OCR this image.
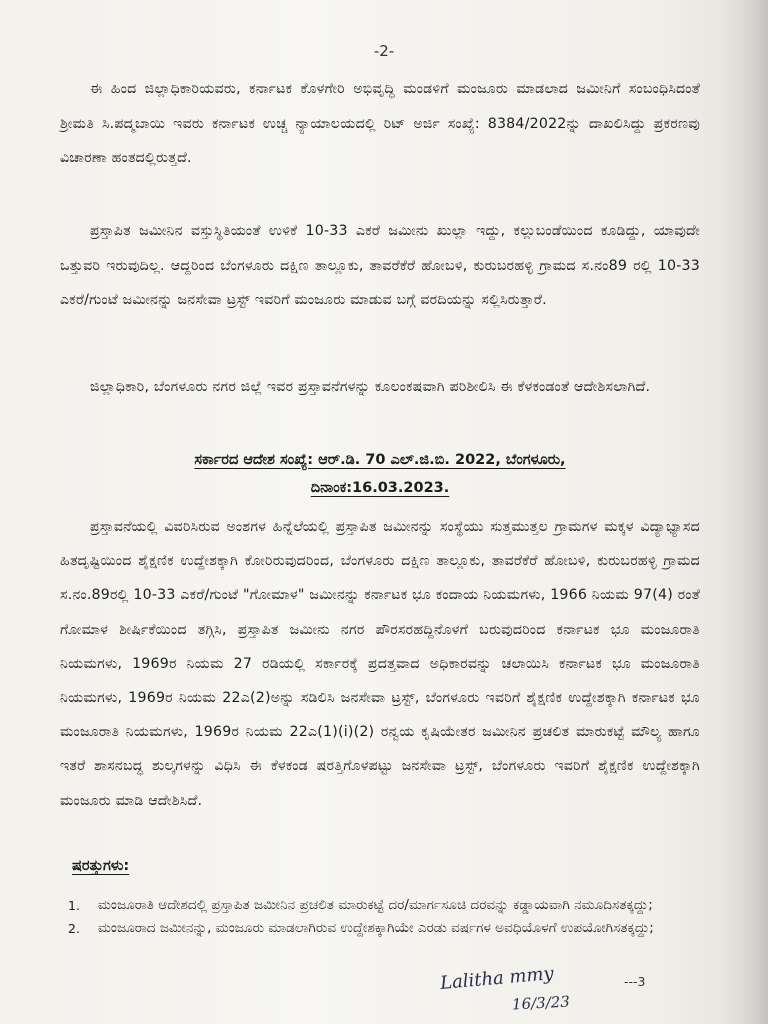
-2-

ಈ ಹಿಂದ ಜಿಲ್ಲಾಧಿಕಾರಿಯವರು, ಕರ್ನಾಟಕ ಕೊಳಗೇರಿ ಅಭಿವೃದ್ಧಿ ಮಂಡಳಿಗೆ ಮಂಜೂರು ಮಾಡಲಾದ ಜಮೀನಿಗೆ ಸಂಬಂಧಿಸಿದಂತೆ ಶ್ರೀಮತಿ ಸಿ.ಪದ್ಮಬಾಯಿ ಇವರು ಕರ್ನಾಟಕ ಉಚ್ಚ ನ್ಯಾಯಾಲಯದಲ್ಲಿ ರಿಟ್ ಅರ್ಜಿ ಸಂಖ್ಯೆ: 8384/2022ನ್ನು ದಾಖಲಿಸಿದ್ದು ಪ್ರಕರಣವು ವಿಚಾರಣಾ ಹಂತದಲ್ಲಿರುತ್ತದೆ.

ಪ್ರಸ್ತಾಪಿತ ಜಮೀನಿನ ವಸ್ತುಸ್ಥಿತಿಯಂತೆ ಉಳಿಕೆ 10-33 ಎಕರೆ ಜಮೀನು ಖುಲ್ಲಾ ಇದ್ದು, ಕಲ್ಲುಬಂಡೆಯಿಂದ ಕೂಡಿದ್ದು, ಯಾವುದೇ ಒತ್ತುವರಿ ಇರುವುದಿಲ್ಲ. ಆದ್ದರಿಂದ ಬೆಂಗಳೂರು ದಕ್ಷಿಣ ತಾಲ್ಲೂಕು, ತಾವರೆಕೆರೆ ಹೋಬಳಿ, ಕುರುಬರಹಳ್ಳಿ ಗ್ರಾಮದ ಸ.ನಂ89 ರಲ್ಲಿ 10-33 ಎಕರೆ/ಗುಂಟೆ ಜಮೀನನ್ನು ಜನಸೇವಾ ಟ್ರಸ್ಟ್ ಇವರಿಗೆ ಮಂಜೂರು ಮಾಡುವ ಬಗ್ಗೆ ವರದಿಯನ್ನು ಸಲ್ಲಿಸಿರುತ್ತಾರೆ.

ಜಿಲ್ಲಾಧಿಕಾರಿ, ಬೆಂಗಳೂರು ನಗರ ಜಿಲ್ಲೆ ಇವರ ಪ್ರಸ್ತಾವನೆಗಳನ್ನು ಕೂಲಂಕಷವಾಗಿ ಪರಿಶೀಲಿಸಿ ಈ ಕೆಳಕಂಡಂತೆ ಆದೇಶಿಸಲಾಗಿದೆ.

ಸರ್ಕಾರದ ಆದೇಶ ಸಂಖ್ಯೆ: ಆರ್.ಡಿ. 70 ಎಲ್.ಜಿ.ಬಿ. 2022, ಬೆಂಗಳೂರು,

ದಿನಾಂಕ:16.03.2023.

ಪ್ರಸ್ತಾವನೆಯಲ್ಲಿ ವಿವರಿಸಿರುವ ಅಂಶಗಳ ಹಿನ್ನೆಲೆಯಲ್ಲಿ ಪ್ರಸ್ತಾಪಿತ ಜಮೀನನ್ನು ಸಂಸ್ಥೆಯು ಸುತ್ತಮುತ್ತಲ ಗ್ರಾಮಗಳ ಮಕ್ಕಳ ವಿದ್ಯಾಭ್ಯಾಸದ ಹಿತದೃಷ್ಟಿಯಿಂದ ಶೈಕ್ಷಣಿಕ ಉದ್ದೇಶಕ್ಕಾಗಿ ಕೋರಿರುವುದರಿಂದ, ಬೆಂಗಳೂರು ದಕ್ಷಿಣ ತಾಲ್ಲೂಕು, ತಾವರೆಕೆರೆ ಹೋಬಳಿ, ಕುರುಬರಹಳ್ಳಿ ಗ್ರಾಮದ ಸ.ನಂ.89ರಲ್ಲಿ 10-33 ಎಕರೆ/ಗುಂಟೆ "ಗೋಮಾಳ" ಜಮೀನನ್ನು ಕರ್ನಾಟಕ ಭೂ ಕಂದಾಯ ನಿಯಮಗಳು, 1966 ನಿಯಮ 97(4) ರಂತೆ ಗೋಮಾಳ ಶೀರ್ಷಿಕೆಯಿಂದ ತಗ್ಗಿಸಿ, ಪ್ರಸ್ತಾಪಿತ ಜಮೀನು ನಗರ ಪೌರಸರಹದ್ದಿನೊಳಗೆ ಬರುವುದರಿಂದ ಕರ್ನಾಟಕ ಭೂ ಮಂಜೂರಾತಿ ನಿಯಮಗಳು, 1969ರ ನಿಯಮ 27 ರಡಿಯಲ್ಲಿ ಸರ್ಕಾರಕ್ಕೆ ಪ್ರದತ್ತವಾದ ಅಧಿಕಾರವನ್ನು ಚಲಾಯಿಸಿ ಕರ್ನಾಟಕ ಭೂ ಮಂಜೂರಾತಿ ನಿಯಮಗಳು, 1969ರ ನಿಯಮ 22ಎ(2)ಅನ್ನು ಸಡಿಲಿಸಿ ಜನಸೇವಾ ಟ್ರಸ್ಟ್, ಬೆಂಗಳೂರು ಇವರಿಗೆ ಶೈಕ್ಷಣಿಕ ಉದ್ದೇಶಕ್ಕಾಗಿ ಕರ್ನಾಟಕ ಭೂ ಮಂಜೂರಾತಿ ನಿಯಮಗಳು, 1969ರ ನಿಯಮ 22ಎ(1)(i)(2) ರನ್ವಯ ಕೃಷಿಯೇತರ ಜಮೀನಿನ ಪ್ರಚಲಿತ ಮಾರುಕಟ್ಟೆ ಮೌಲ್ಯ ಹಾಗೂ ಇತರೆ ಶಾಸನಬದ್ಧ ಶುಲ್ಕಗಳನ್ನು ವಿಧಿಸಿ ಈ ಕೆಳಕಂಡ ಷರತ್ತಿಗೊಳಪಟ್ಟು ಜನಸೇವಾ ಟ್ರಸ್ಟ್, ಬೆಂಗಳೂರು ಇವರಿಗೆ ಶೈಕ್ಷಣಿಕ ಉದ್ದೇಶಕ್ಕಾಗಿ ಮಂಜೂರು ಮಾಡಿ ಆದೇಶಿಸಿದೆ.

ಷರತ್ತುಗಳು:

1. ಮಂಜೂರಾತಿ ಆದೇಶದಲ್ಲಿ ಪ್ರಸ್ತಾಪಿತ ಜಮೀನಿನ ಪ್ರಚಲಿತ ಮಾರುಕಟ್ಟೆ ದರ/ಮಾರ್ಗಸೂಚಿ ದರವನ್ನು ಕಡ್ಡಾಯವಾಗಿ ನಮೂದಿಸತಕ್ಕದ್ದು;
2. ಮಂಜೂರಾದ ಜಮೀನನ್ನು, ಮಂಜೂರು ಮಾಡಲಾಗಿರುವ ಉದ್ದೇಶಕ್ಕಾಗಿಯೇ ಎರಡು ವರ್ಷಗಳ ಅವಧಿಯೊಳಗೆ ಉಪಯೋಗಿಸತಕ್ಕದ್ದು;
Lalitha mmy
16/3/23
---3
